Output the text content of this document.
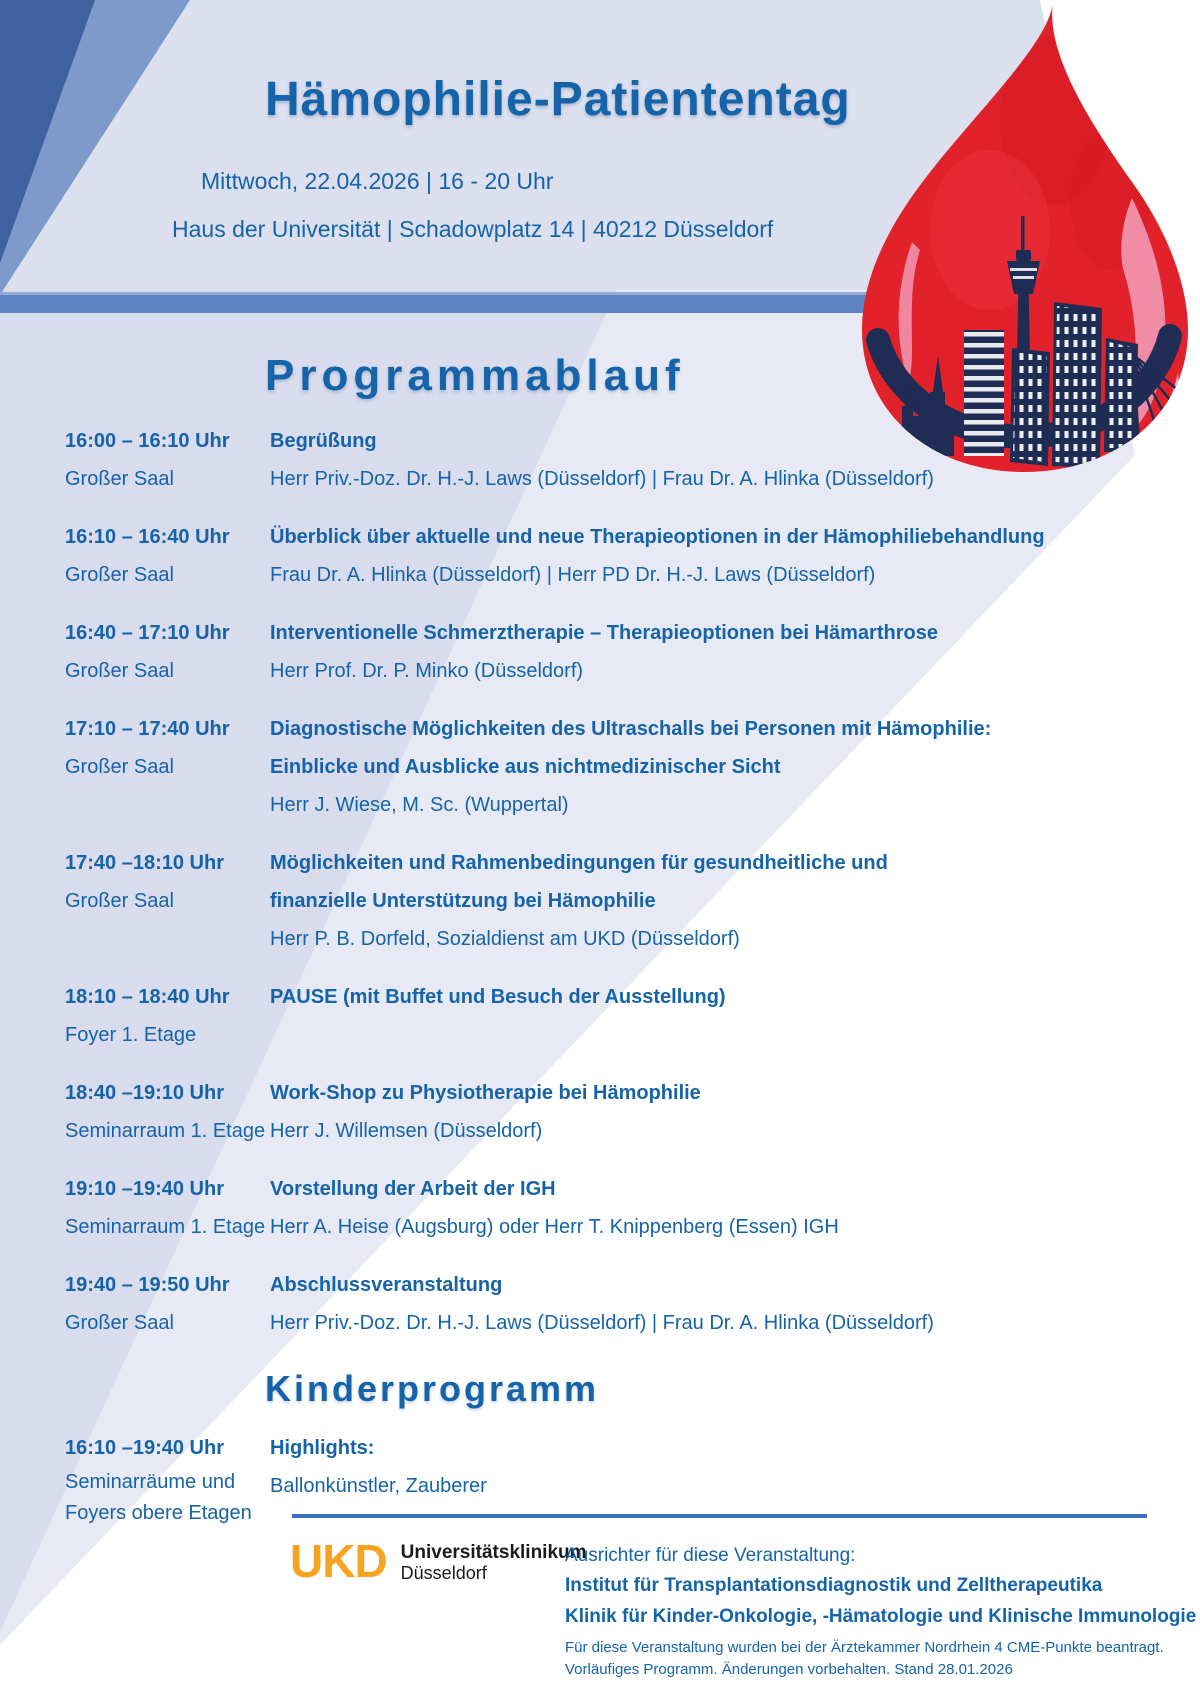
Hämophilie-Patiententag
Mittwoch, 22.04.2026 | 16 - 20 Uhr
Haus der Universität | Schadowplatz 14 | 40212 Düsseldorf
Programmablauf
16:00 – 16:10 Uhr
Großer Saal
Begrüßung
Herr Priv.-Doz. Dr. H.-J. Laws (Düsseldorf) | Frau Dr. A. Hlinka (Düsseldorf)
16:10 – 16:40 Uhr
Großer Saal
Überblick über aktuelle und neue Therapieoptionen in der Hämophiliebehandlung
Frau Dr. A. Hlinka (Düsseldorf) | Herr PD Dr. H.-J. Laws (Düsseldorf)
16:40 – 17:10 Uhr
Großer Saal
Interventionelle Schmerztherapie – Therapieoptionen bei Hämarthrose
Herr Prof. Dr. P. Minko (Düsseldorf)
17:10 – 17:40 Uhr
Großer Saal
Diagnostische Möglichkeiten des Ultraschalls bei Personen mit Hämophilie:
Einblicke und Ausblicke aus nichtmedizinischer Sicht
Herr J. Wiese, M. Sc. (Wuppertal)
17:40 –18:10 Uhr
Großer Saal
Möglichkeiten und Rahmenbedingungen für gesundheitliche und
finanzielle Unterstützung bei Hämophilie
Herr P. B. Dorfeld, Sozialdienst am UKD (Düsseldorf)
18:10 – 18:40 Uhr
Foyer 1. Etage
PAUSE (mit Buffet und Besuch der Ausstellung)
18:40 –19:10 Uhr
Seminarraum 1. Etage
Work-Shop zu Physiotherapie bei Hämophilie
Herr J. Willemsen (Düsseldorf)
19:10 –19:40 Uhr
Seminarraum 1. Etage
Vorstellung der Arbeit der IGH
Herr A. Heise (Augsburg) oder Herr T. Knippenberg (Essen) IGH
19:40 – 19:50 Uhr
Großer Saal
Abschlussveranstaltung
Herr Priv.-Doz. Dr. H.-J. Laws (Düsseldorf) | Frau Dr. A. Hlinka (Düsseldorf)
Kinderprogramm
16:10 –19:40 Uhr
Seminarräume und
Foyers obere Etagen
Highlights:
Ballonkünstler, Zauberer
UKD Universitätsklinikum
Düsseldorf
Ausrichter für diese Veranstaltung:
Institut für Transplantationsdiagnostik und Zelltherapeutika
Klinik für Kinder-Onkologie, -Hämatologie und Klinische Immunologie
Für diese Veranstaltung wurden bei der Ärztekammer Nordrhein 4 CME-Punkte beantragt.
Vorläufiges Programm. Änderungen vorbehalten. Stand 28.01.2026
